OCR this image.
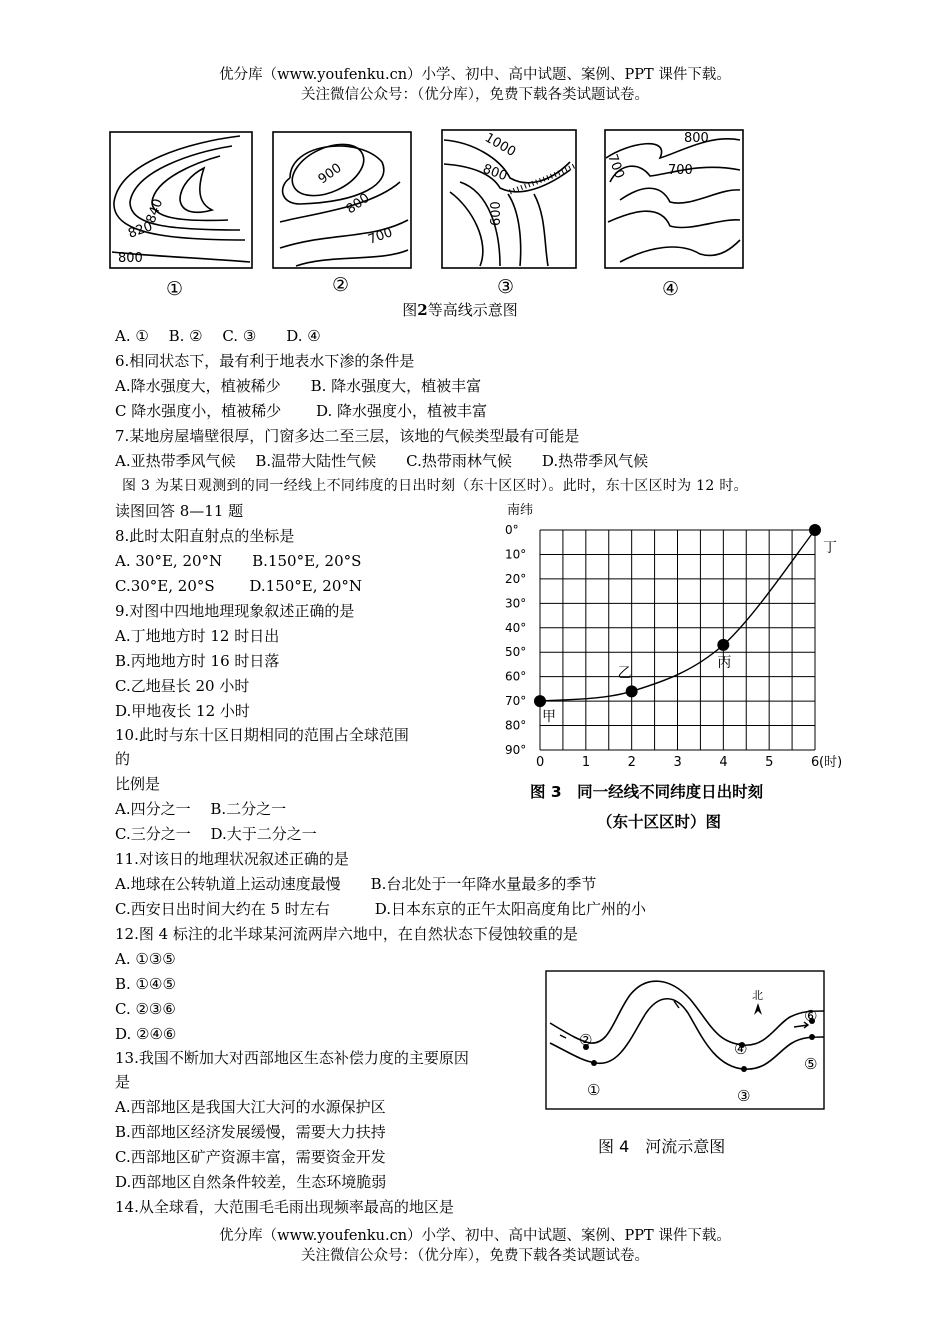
优分库（www.youfenku.cn）小学、初中、高中试题、案例、PPT 课件下载。
关注微信公众号：（优分库），免费下载各类试题试卷。
840
820
800
900
800
700
1000
800
600
800
700	700
①	②	③	④
图2等高线示意图
A. ①　 B. ②　 C. ③　　D. ④
6.相同状态下，最有利于地表水下渗的条件是
A.降水强度大，植被稀少　　B. 降水强度大，植被丰富
C 降水强度小，植被稀少　　 D. 降水强度小，植被丰富
7.某地房屋墙壁很厚，门窗多达二至三层，该地的气候类型最有可能是
A.亚热带季风气候　 B.温带大陆性气候　　C.热带雨林气候　　D.热带季风气候
图 3 为某日观测到的同一经线上不同纬度的日出时刻（东十区区时）。此时，东十区区时为 12 时。
读图回答 8—11 题
8.此时太阳直射点的坐标是
A. 30°E, 20°N　　B.150°E, 20°S
C.30°E, 20°S　　 D.150°E, 20°N
9.对图中四地地理现象叙述正确的是
A.丁地地方时 12 时日出
B.丙地地方时 16 时日落
C.乙地昼长 20 小时
D.甲地夜长 12 小时
10.此时与东十区日期相同的范围占全球范围
的
比例是
A.四分之一　 B.二分之一
C.三分之一　 D.大于二分之一
11.对该日的地理状况叙述正确的是
A.地球在公转轨道上运动速度最慢　　B.台北处于一年降水量最多的季节
C.西安日出时间大约在 5 时左右　　　D.日本东京的正午太阳高度角比广州的小
12.图 4 标注的北半球某河流两岸六地中，在自然状态下侵蚀较重的是
A. ①③⑤
B. ①④⑤
C. ②③⑥
D. ②④⑥
13.我国不断加大对西部地区生态补偿力度的主要原因
是
A.西部地区是我国大江大河的水源保护区
B.西部地区经济发展缓慢，需要大力扶持
C.西部地区矿产资源丰富，需要资金开发
D.西部地区自然条件较差，生态环境脆弱
14.从全球看，大范围毛毛雨出现频率最高的地区是
0°
10°
20°
30°
40°
50°
60°
70°
80°
90°
0	1	2	3	4	5	6 (时)
南纬
甲
乙
丙
丁
图 3　同一经线不同纬度日出时刻
（东十区区时）图
北
①
②
③
④
⑤
⑥
图 4　河流示意图
优分库（www.youfenku.cn）小学、初中、高中试题、案例、PPT 课件下载。
关注微信公众号：（优分库），免费下载各类试题试卷。
